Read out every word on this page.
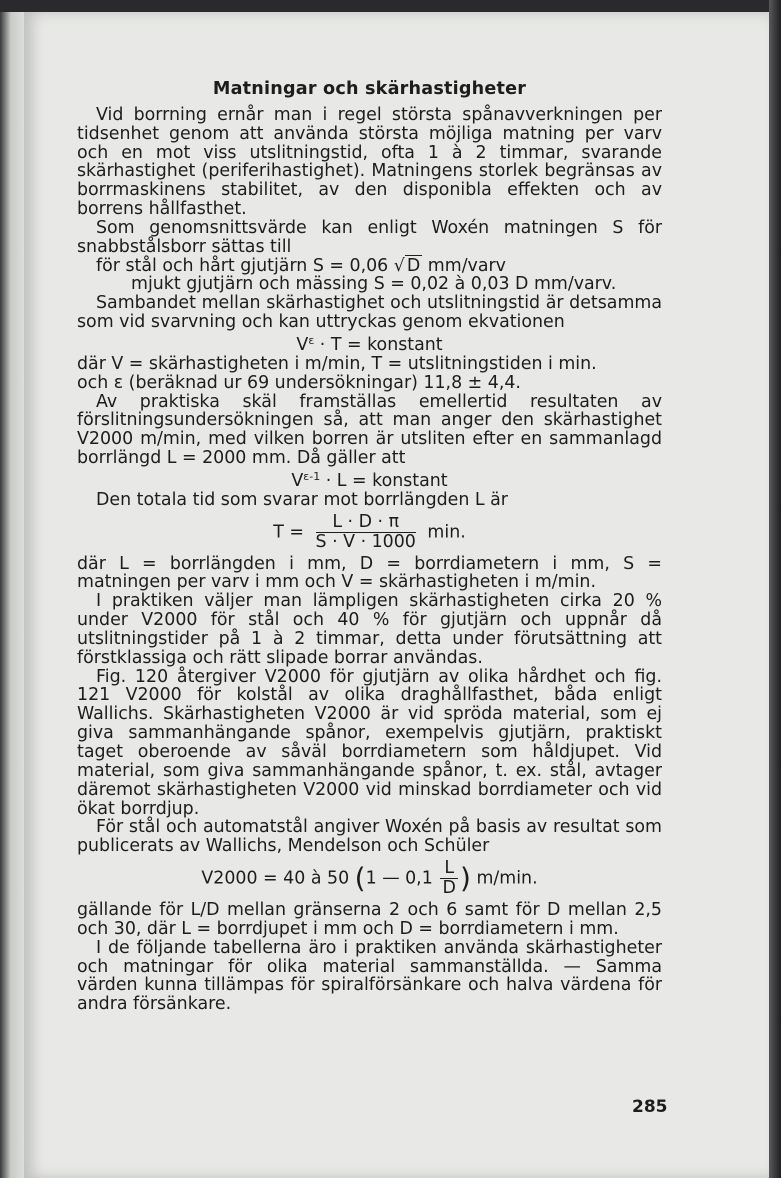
Matningar och skärhastigheter

Vid borrning ernår man i regel största spånavverkningen per tidsenhet genom att använda största möjliga matning per varv och en mot viss utslitningstid, ofta 1 à 2 timmar, svarande skärhastighet (periferihastighet). Matningens storlek begränsas av borrmaskinens stabilitet, av den disponibla effekten och av borrens hållfasthet.

Som genomsnittsvärde kan enligt Woxén matningen S för snabbstålsborr sättas till

för stål och hårt gjutjärn S = 0,06 √ D mm/varv

mjukt gjutjärn och mässing S = 0,02 à 0,03 D mm/varv.

Sambandet mellan skärhastighet och utslitningstid är detsamma som vid svarvning och kan uttryckas genom ekvationen

$V^\varepsilon \cdot T$ = konstant

där V = skärhastigheten i m/min, T = utslitningstiden i min.

och ε (beräknad ur 69 undersökningar) 11,8 ± 4,4.

Av praktiska skäl framställas emellertid resultaten av förslitningsundersökningen så, att man anger den skärhastighet V2000 m/min, med vilken borren är utsliten efter en sammanlagd borrlängd L = 2000 mm. Då gäller att

$V^{\varepsilon-1} \cdot L$ = konstant

Den totala tid som svarar mot borrlängden L är

$T = \frac{L \cdot D \cdot \pi}{S \cdot V \cdot 1000} \min$.

där L = borrlängden i mm, D = borrdiametern i mm, S = matningen per varv i mm och V = skärhastigheten i m/min.

I praktiken väljer man lämpligen skärhastigheten cirka 20 % under V2000 för stål och 40 % för gjutjärn och uppnår då utslitningstider på 1 à 2 timmar, detta under förutsättning att förstklassiga och rätt slipade borrar användas.

Fig. 120 återgiver V2000 för gjutjärn av olika hårdhet och fig. 121 V2000 för kolstål av olika draghållfasthet, båda enligt Wallichs. Skärhastigheten V2000 är vid spröda material, som ej giva sammanhängande spånor, exempelvis gjutjärn, praktiskt taget oberoende av såväl borrdiametern som håldjupet. Vid material, som giva sammanhängande spånor, t. ex. stål, avtager däremot skärhastigheten V2000 vid minskad borrdiameter och vid ökat borrdjup.

För stål och automatstål angiver Woxén på basis av resultat som publicerats av Wallichs, Mendelson och Schüler

V2000 = 40 à 50 (1 — $0,1 \frac{L}{D}$ ) m/min.

gällande för L/D mellan gränserna 2 och 6 samt för D mellan 2,5 och 30, där L = borrdjupet i mm och D = borrdiametern i mm.

I de följande tabellerna äro i praktiken använda skärhastigheter och matningar för olika material sammanställda. — Samma värden kunna tillämpas för spiralförsänkare och halva värdena för andra försänkare.

285
